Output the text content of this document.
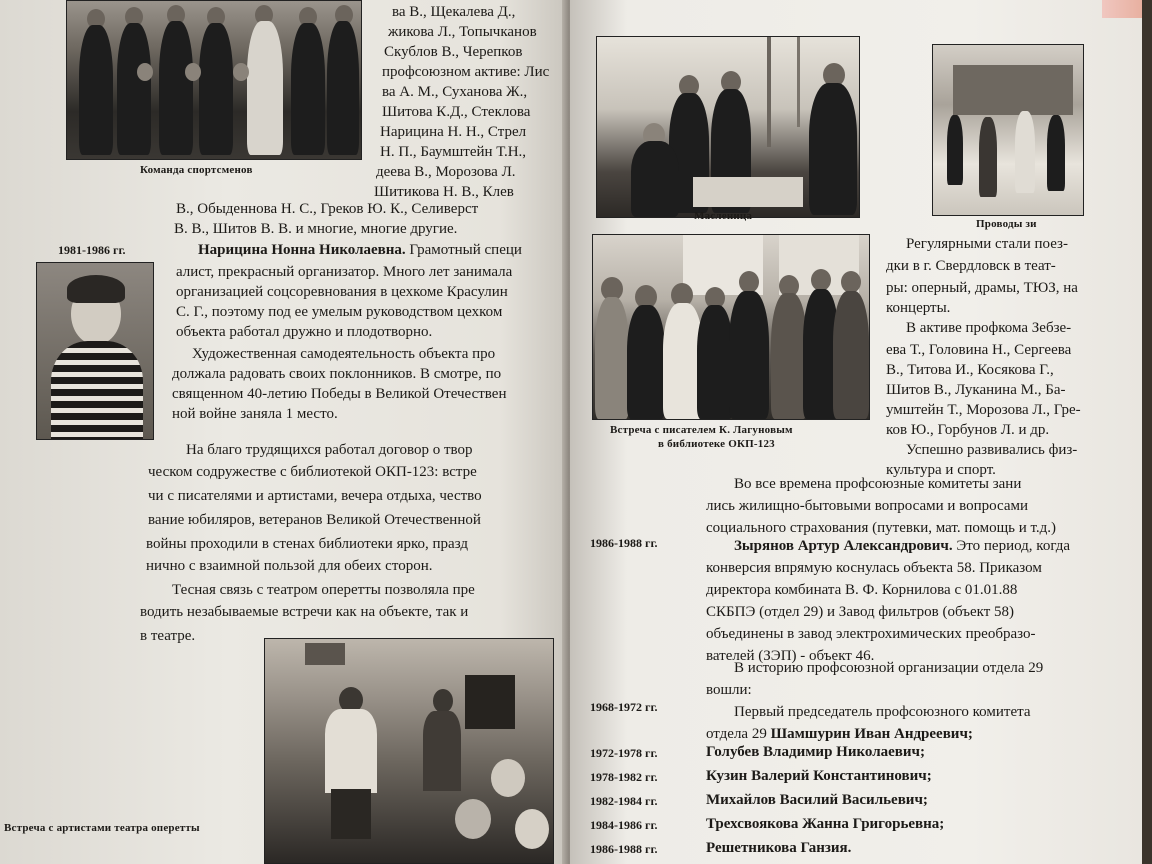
Команда спортсменов
ва В., Щекалева Д.,
жикова Л., Топычканов
Скублов В., Черепков
профсоюзном активе: Лис
ва А. М., Суханова Ж.,
Шитова К.Д., Стеклова
Нарицина Н. Н., Стрел
Н. П., Баумштейн Т.Н.,
деева В., Морозова Л.
Шитикова Н. В., Клев
В., Обыденнова Н. С., Греков Ю. К., Селиверст
В. В., Шитов В. В. и многие, многие другие.
1981-1986 гг.	Нарицина Нонна Николаевна. Грамотный специ
алист, прекрасный организатор. Много лет занимала
организацией соцсоревнования в цехкоме Красулин
С. Г., поэтому под ее умелым руководством цехком
объекта работал дружно и плодотворно.
Художественная самодеятельность объекта про
должала радовать своих поклонников. В смотре, по
священном 40-летию Победы в Великой Отечествен
ной войне заняла 1 место.
На благо трудящихся работал договор о твор
ческом содружестве с библиотекой ОКП-123: встре
чи с писателями и артистами, вечера отдыха, чество
вание юбиляров, ветеранов Великой Отечественной
войны проходили в стенах библиотеки ярко, празд
нично с взаимной пользой для обеих сторон.
Тесная связь с театром оперетты позволяла пре
водить незабываемые встречи как на объекте, так и
в театре.
Встреча с артистами театра оперетты
Масленица
Проводы зи
Встреча с писателем К. Лагуновым
в библиотеке ОКП-123
Регулярными стали поез-
дки в г. Свердловск в теат-
ры: оперный, драмы, ТЮЗ, на
концерты.
В активе профкома Зебзе-
ева Т., Головина Н., Сергеева
В., Титова И., Косякова Г.,
Шитов В., Луканина М., Ба-
умштейн Т., Морозова Л., Гре-
ков Ю., Горбунов Л. и др.
Успешно развивались физ-
культура и спорт.
Во все времена профсоюзные комитеты зани
лись жилищно-бытовыми вопросами и вопросами
социального страхования (путевки, мат. помощь и т.д.)
1986-1988 гг.	Зырянов Артур Александрович. Это период, когда
конверсия впрямую коснулась объекта 58. Приказом
директора комбината В. Ф. Корнилова с 01.01.88
СКБПЭ (отдел 29) и Завод фильтров (объект 58)
объединены в завод электрохимических преобразо-
вателей (ЗЭП) - объект 46.
В историю профсоюзной организации отдела 29
вошли:
1968-1972 гг.	Первый председатель профсоюзного комитета
отдела 29 Шамшурин Иван Андреевич;
1972-1978 гг.	Голубев Владимир Николаевич;
1978-1982 гг.	Кузин Валерий Константинович;
1982-1984 гг.	Михайлов Василий Васильевич;
1984-1986 гг.	Трехсвоякова Жанна Григорьевна;
1986-1988 гг.	Решетникова Ганзия.
